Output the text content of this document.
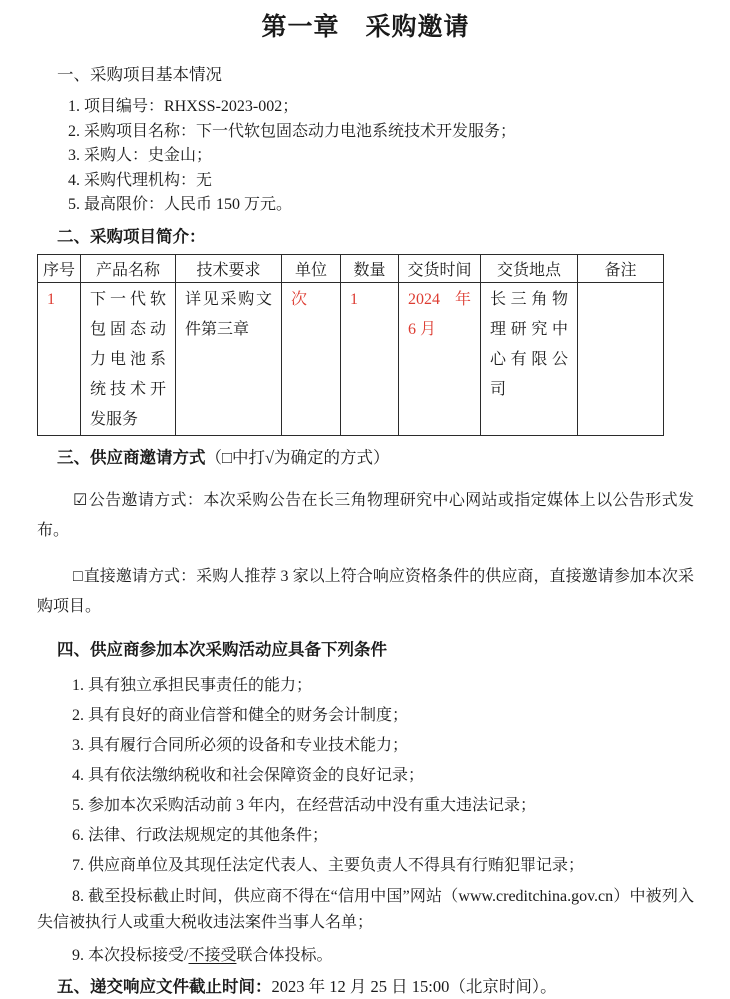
第一章　采购邀请
一、采购项目基本情况
1. 项目编号：RHXSS-2023-002；
2. 采购项目名称：下一代软包固态动力电池系统技术开发服务；
3. 采购人：史金山；
4. 采购代理机构：无
5. 最高限价：人民币 150 万元。
二、采购项目简介：
序号	产品名称	技术要求	单位	数量	交货时间	交货地点	备注
1	下一代软包固态动力电池系统技术开发服务	详见采购文件第三章	次	1	2024 年 6 月	长三角物理研究中心有限公司	
三、供应商邀请方式（□中打√为确定的方式）

☑公告邀请方式：本次采购公告在长三角物理研究中心网站或指定媒体上以公告形式发布。

□直接邀请方式：采购人推荐 3 家以上符合响应资格条件的供应商，直接邀请参加本次采购项目。

四、供应商参加本次采购活动应具备下列条件
1. 具有独立承担民事责任的能力；
2. 具有良好的商业信誉和健全的财务会计制度；
3. 具有履行合同所必须的设备和专业技术能力；
4. 具有依法缴纳税收和社会保障资金的良好记录；
5. 参加本次采购活动前 3 年内，在经营活动中没有重大违法记录；
6. 法律、行政法规规定的其他条件；
7. 供应商单位及其现任法定代表人、主要负责人不得具有行贿犯罪记录；
8. 截至投标截止时间，供应商不得在“信用中国”网站（www.creditchina.gov.cn）中被列入失信被执行人或重大税收违法案件当事人名单；
9. 本次投标接受/不接受联合体投标。
五、递交响应文件截止时间：2023 年 12 月 25 日 15:00（北京时间）。
